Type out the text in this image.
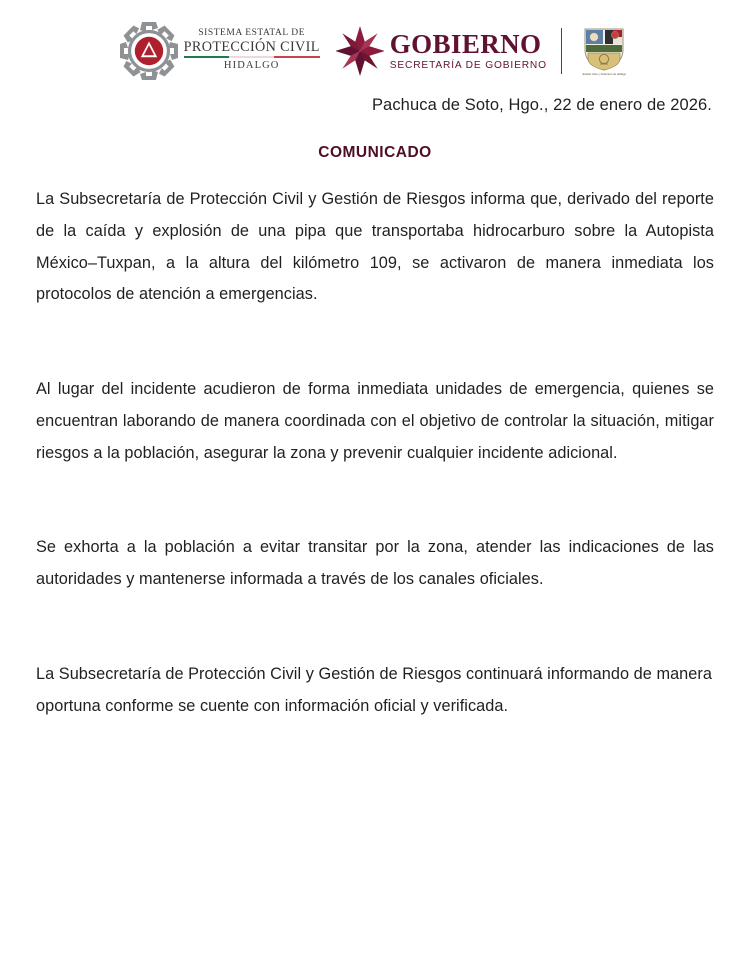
SISTEMA ESTATAL DE
PROTECCIÓN CIVIL
HIDALGO
GOBIERNO
SECRETARÍA DE GOBIERNO
Estado Libre y Soberano de Hidalgo

Pachuca de Soto, Hgo., 22 de enero de 2026.

COMUNICADO

La Subsecretaría de Protección Civil y Gestión de Riesgos informa que, derivado del reporte de la caída y explosión de una pipa que transportaba hidrocarburo sobre la Autopista México–Tuxpan, a la altura del kilómetro 109, se activaron de manera inmediata los protocolos de atención a emergencias.

Al lugar del incidente acudieron de forma inmediata unidades de emergencia, quienes se encuentran laborando de manera coordinada con el objetivo de controlar la situación, mitigar riesgos a la población, asegurar la zona y prevenir cualquier incidente adicional.

Se exhorta a la población a evitar transitar por la zona, atender las indicaciones de las autoridades y mantenerse informada a través de los canales oficiales.

La Subsecretaría de Protección Civil y Gestión de Riesgos continuará informando de manera oportuna conforme se cuente con información oficial y verificada.
